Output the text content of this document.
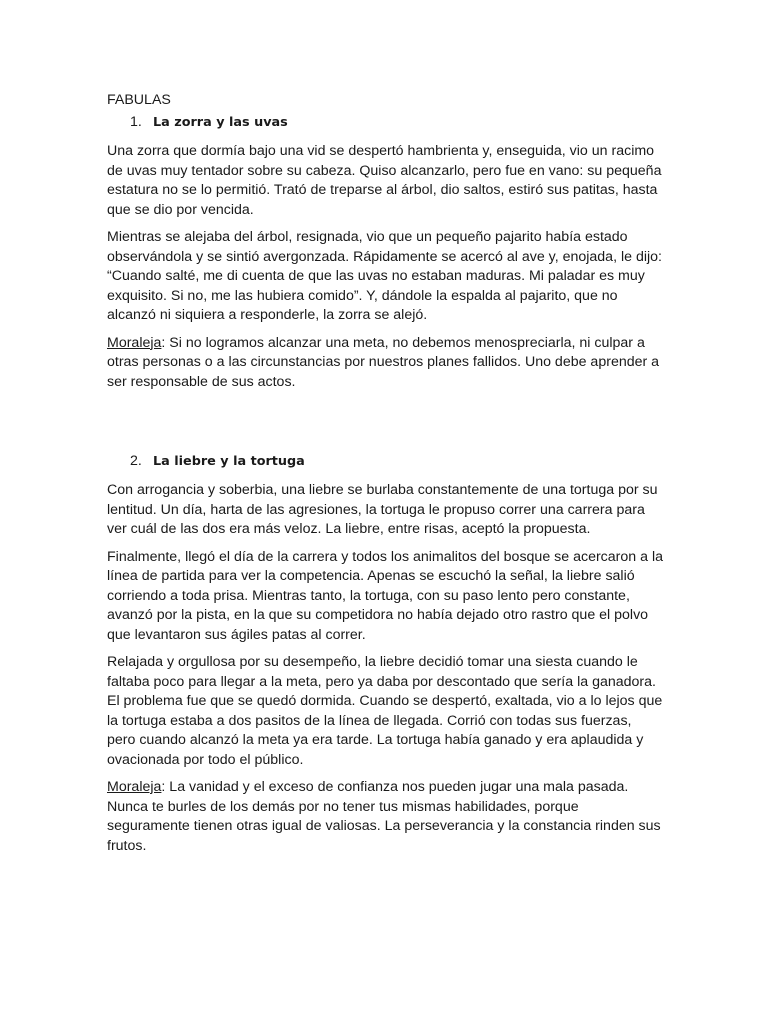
FABULAS
1. La zorra y las uvas

Una zorra que dormía bajo una vid se despertó hambrienta y, enseguida, vio un racimo de uvas muy tentador sobre su cabeza. Quiso alcanzarlo, pero fue en vano: su pequeña estatura no se lo permitió. Trató de treparse al árbol, dio saltos, estiró sus patitas, hasta que se dio por vencida.

Mientras se alejaba del árbol, resignada, vio que un pequeño pajarito había estado observándola y se sintió avergonzada. Rápidamente se acercó al ave y, enojada, le dijo: “Cuando salté, me di cuenta de que las uvas no estaban maduras. Mi paladar es muy exquisito. Si no, me las hubiera comido”. Y, dándole la espalda al pajarito, que no alcanzó ni siquiera a responderle, la zorra se alejó.

Moraleja: Si no logramos alcanzar una meta, no debemos menospreciarla, ni culpar a otras personas o a las circunstancias por nuestros planes fallidos. Uno debe aprender a ser responsable de sus actos.

2. La liebre y la tortuga

Con arrogancia y soberbia, una liebre se burlaba constantemente de una tortuga por su lentitud. Un día, harta de las agresiones, la tortuga le propuso correr una carrera para ver cuál de las dos era más veloz. La liebre, entre risas, aceptó la propuesta.

Finalmente, llegó el día de la carrera y todos los animalitos del bosque se acercaron a la línea de partida para ver la competencia. Apenas se escuchó la señal, la liebre salió corriendo a toda prisa. Mientras tanto, la tortuga, con su paso lento pero constante, avanzó por la pista, en la que su competidora no había dejado otro rastro que el polvo que levantaron sus ágiles patas al correr.

Relajada y orgullosa por su desempeño, la liebre decidió tomar una siesta cuando le faltaba poco para llegar a la meta, pero ya daba por descontado que sería la ganadora. El problema fue que se quedó dormida. Cuando se despertó, exaltada, vio a lo lejos que la tortuga estaba a dos pasitos de la línea de llegada. Corrió con todas sus fuerzas, pero cuando alcanzó la meta ya era tarde. La tortuga había ganado y era aplaudida y ovacionada por todo el público.

Moraleja: La vanidad y el exceso de confianza nos pueden jugar una mala pasada. Nunca te burles de los demás por no tener tus mismas habilidades, porque seguramente tienen otras igual de valiosas. La perseverancia y la constancia rinden sus frutos.
